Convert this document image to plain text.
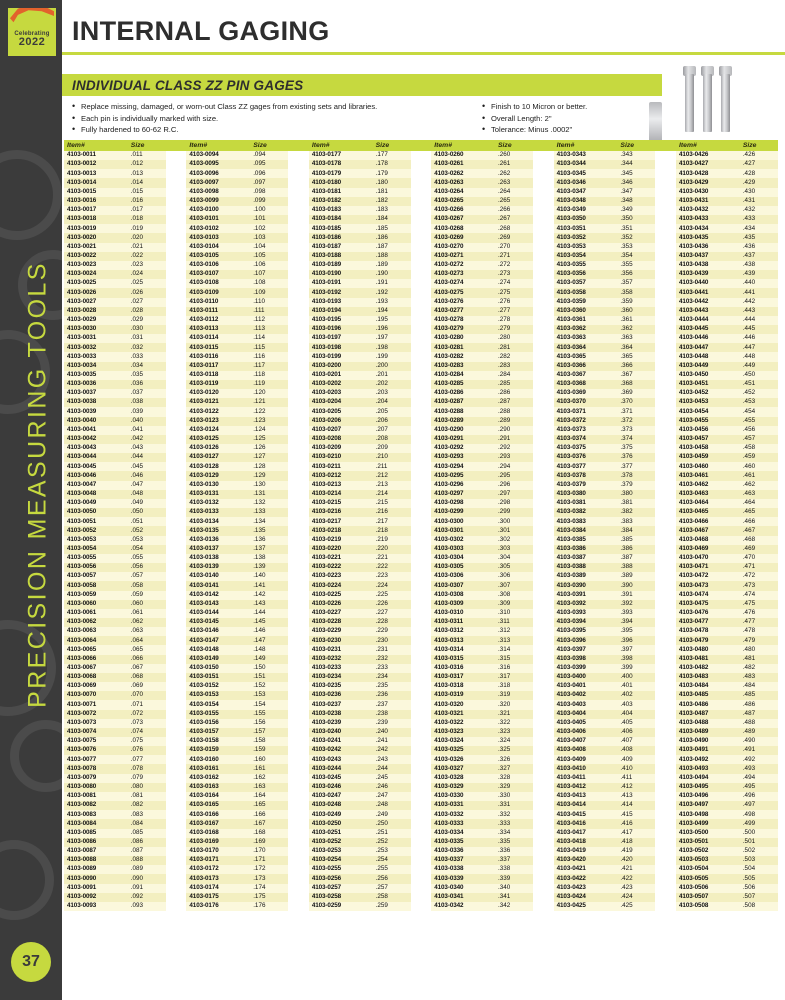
PRECISION MEASURING TOOLS
37
Celebrating
2022 INTERNAL GAGING
INDIVIDUAL CLASS ZZ PIN GAGES
• Replace missing, damaged, or worn-out Class ZZ gages from existing sets and libraries.
• Each pin is individually marked with size.
• Fully hardened to 60-62 R.C.
• Finish to 10 Micron or better.
• Overall Length: 2"
• Tolerance: Minus .0002"
Item#	Size		Item#	Size		Item#	Size		Item#	Size		Item#	Size		Item#	Size
4103-0011	.011		4103-0094	.094		4103-0177	.177		4103-0260	.260		4103-0343	.343		4103-0426	.426
4103-0012	.012		4103-0095	.095		4103-0178	.178		4103-0261	.261		4103-0344	.344		4103-0427	.427
4103-0013	.013		4103-0096	.096		4103-0179	.179		4103-0262	.262		4103-0345	.345		4103-0428	.428
4103-0014	.014		4103-0097	.097		4103-0180	.180		4103-0263	.263		4103-0346	.346		4103-0429	.429
4103-0015	.015		4103-0098	.098		4103-0181	.181		4103-0264	.264		4103-0347	.347		4103-0430	.430
4103-0016	.016		4103-0099	.099		4103-0182	.182		4103-0265	.265		4103-0348	.348		4103-0431	.431
4103-0017	.017		4103-0100	.100		4103-0183	.183		4103-0266	.266		4103-0349	.349		4103-0432	.432
4103-0018	.018		4103-0101	.101		4103-0184	.184		4103-0267	.267		4103-0350	.350		4103-0433	.433
4103-0019	.019		4103-0102	.102		4103-0185	.185		4103-0268	.268		4103-0351	.351		4103-0434	.434
4103-0020	.020		4103-0103	.103		4103-0186	.186		4103-0269	.269		4103-0352	.352		4103-0435	.435
4103-0021	.021		4103-0104	.104		4103-0187	.187		4103-0270	.270		4103-0353	.353		4103-0436	.436
4103-0022	.022		4103-0105	.105		4103-0188	.188		4103-0271	.271		4103-0354	.354		4103-0437	.437
4103-0023	.023		4103-0106	.106		4103-0189	.189		4103-0272	.272		4103-0355	.355		4103-0438	.438
4103-0024	.024		4103-0107	.107		4103-0190	.190		4103-0273	.273		4103-0356	.356		4103-0439	.439
4103-0025	.025		4103-0108	.108		4103-0191	.191		4103-0274	.274		4103-0357	.357		4103-0440	.440
4103-0026	.026		4103-0109	.109		4103-0192	.192		4103-0275	.275		4103-0358	.358		4103-0441	.441
4103-0027	.027		4103-0110	.110		4103-0193	.193		4103-0276	.276		4103-0359	.359		4103-0442	.442
4103-0028	.028		4103-0111	.111		4103-0194	.194		4103-0277	.277		4103-0360	.360		4103-0443	.443
4103-0029	.029		4103-0112	.112		4103-0195	.195		4103-0278	.278		4103-0361	.361		4103-0444	.444
4103-0030	.030		4103-0113	.113		4103-0196	.196		4103-0279	.279		4103-0362	.362		4103-0445	.445
4103-0031	.031		4103-0114	.114		4103-0197	.197		4103-0280	.280		4103-0363	.363		4103-0446	.446
4103-0032	.032		4103-0115	.115		4103-0198	.198		4103-0281	.281		4103-0364	.364		4103-0447	.447
4103-0033	.033		4103-0116	.116		4103-0199	.199		4103-0282	.282		4103-0365	.365		4103-0448	.448
4103-0034	.034		4103-0117	.117		4103-0200	.200		4103-0283	.283		4103-0366	.366		4103-0449	.449
4103-0035	.035		4103-0118	.118		4103-0201	.201		4103-0284	.284		4103-0367	.367		4103-0450	.450
4103-0036	.036		4103-0119	.119		4103-0202	.202		4103-0285	.285		4103-0368	.368		4103-0451	.451
4103-0037	.037		4103-0120	.120		4103-0203	.203		4103-0286	.286		4103-0369	.369		4103-0452	.452
4103-0038	.038		4103-0121	.121		4103-0204	.204		4103-0287	.287		4103-0370	.370		4103-0453	.453
4103-0039	.039		4103-0122	.122		4103-0205	.205		4103-0288	.288		4103-0371	.371		4103-0454	.454
4103-0040	.040		4103-0123	.123		4103-0206	.206		4103-0289	.289		4103-0372	.372		4103-0455	.455
4103-0041	.041		4103-0124	.124		4103-0207	.207		4103-0290	.290		4103-0373	.373		4103-0456	.456
4103-0042	.042		4103-0125	.125		4103-0208	.208		4103-0291	.291		4103-0374	.374		4103-0457	.457
4103-0043	.043		4103-0126	.126		4103-0209	.209		4103-0292	.292		4103-0375	.375		4103-0458	.458
4103-0044	.044		4103-0127	.127		4103-0210	.210		4103-0293	.293		4103-0376	.376		4103-0459	.459
4103-0045	.045		4103-0128	.128		4103-0211	.211		4103-0294	.294		4103-0377	.377		4103-0460	.460
4103-0046	.046		4103-0129	.129		4103-0212	.212		4103-0295	.295		4103-0378	.378		4103-0461	.461
4103-0047	.047		4103-0130	.130		4103-0213	.213		4103-0296	.296		4103-0379	.379		4103-0462	.462
4103-0048	.048		4103-0131	.131		4103-0214	.214		4103-0297	.297		4103-0380	.380		4103-0463	.463
4103-0049	.049		4103-0132	.132		4103-0215	.215		4103-0298	.298		4103-0381	.381		4103-0464	.464
4103-0050	.050		4103-0133	.133		4103-0216	.216		4103-0299	.299		4103-0382	.382		4103-0465	.465
4103-0051	.051		4103-0134	.134		4103-0217	.217		4103-0300	.300		4103-0383	.383		4103-0466	.466
4103-0052	.052		4103-0135	.135		4103-0218	.218		4103-0301	.301		4103-0384	.384		4103-0467	.467
4103-0053	.053		4103-0136	.136		4103-0219	.219		4103-0302	.302		4103-0385	.385		4103-0468	.468
4103-0054	.054		4103-0137	.137		4103-0220	.220		4103-0303	.303		4103-0386	.386		4103-0469	.469
4103-0055	.055		4103-0138	.138		4103-0221	.221		4103-0304	.304		4103-0387	.387		4103-0470	.470
4103-0056	.056		4103-0139	.139		4103-0222	.222		4103-0305	.305		4103-0388	.388		4103-0471	.471
4103-0057	.057		4103-0140	.140		4103-0223	.223		4103-0306	.306		4103-0389	.389		4103-0472	.472
4103-0058	.058		4103-0141	.141		4103-0224	.224		4103-0307	.307		4103-0390	.390		4103-0473	.473
4103-0059	.059		4103-0142	.142		4103-0225	.225		4103-0308	.308		4103-0391	.391		4103-0474	.474
4103-0060	.060		4103-0143	.143		4103-0226	.226		4103-0309	.309		4103-0392	.392		4103-0475	.475
4103-0061	.061		4103-0144	.144		4103-0227	.227		4103-0310	.310		4103-0393	.393		4103-0476	.476
4103-0062	.062		4103-0145	.145		4103-0228	.228		4103-0311	.311		4103-0394	.394		4103-0477	.477
4103-0063	.063		4103-0146	.146		4103-0229	.229		4103-0312	.312		4103-0395	.395		4103-0478	.478
4103-0064	.064		4103-0147	.147		4103-0230	.230		4103-0313	.313		4103-0396	.396		4103-0479	.479
4103-0065	.065		4103-0148	.148		4103-0231	.231		4103-0314	.314		4103-0397	.397		4103-0480	.480
4103-0066	.066		4103-0149	.149		4103-0232	.232		4103-0315	.315		4103-0398	.398		4103-0481	.481
4103-0067	.067		4103-0150	.150		4103-0233	.233		4103-0316	.316		4103-0399	.399		4103-0482	.482
4103-0068	.068		4103-0151	.151		4103-0234	.234		4103-0317	.317		4103-0400	.400		4103-0483	.483
4103-0069	.069		4103-0152	.152		4103-0235	.235		4103-0318	.318		4103-0401	.401		4103-0484	.484
4103-0070	.070		4103-0153	.153		4103-0236	.236		4103-0319	.319		4103-0402	.402		4103-0485	.485
4103-0071	.071		4103-0154	.154		4103-0237	.237		4103-0320	.320		4103-0403	.403		4103-0486	.486
4103-0072	.072		4103-0155	.155		4103-0238	.238		4103-0321	.321		4103-0404	.404		4103-0487	.487
4103-0073	.073		4103-0156	.156		4103-0239	.239		4103-0322	.322		4103-0405	.405		4103-0488	.488
4103-0074	.074		4103-0157	.157		4103-0240	.240		4103-0323	.323		4103-0406	.406		4103-0489	.489
4103-0075	.075		4103-0158	.158		4103-0241	.241		4103-0324	.324		4103-0407	.407		4103-0490	.490
4103-0076	.076		4103-0159	.159		4103-0242	.242		4103-0325	.325		4103-0408	.408		4103-0491	.491
4103-0077	.077		4103-0160	.160		4103-0243	.243		4103-0326	.326		4103-0409	.409		4103-0492	.492
4103-0078	.078		4103-0161	.161		4103-0244	.244		4103-0327	.327		4103-0410	.410		4103-0493	.493
4103-0079	.079		4103-0162	.162		4103-0245	.245		4103-0328	.328		4103-0411	.411		4103-0494	.494
4103-0080	.080		4103-0163	.163		4103-0246	.246		4103-0329	.329		4103-0412	.412		4103-0495	.495
4103-0081	.081		4103-0164	.164		4103-0247	.247		4103-0330	.330		4103-0413	.413		4103-0496	.496
4103-0082	.082		4103-0165	.165		4103-0248	.248		4103-0331	.331		4103-0414	.414		4103-0497	.497
4103-0083	.083		4103-0166	.166		4103-0249	.249		4103-0332	.332		4103-0415	.415		4103-0498	.498
4103-0084	.084		4103-0167	.167		4103-0250	.250		4103-0333	.333		4103-0416	.416		4103-0499	.499
4103-0085	.085		4103-0168	.168		4103-0251	.251		4103-0334	.334		4103-0417	.417		4103-0500	.500
4103-0086	.086		4103-0169	.169		4103-0252	.252		4103-0335	.335		4103-0418	.418		4103-0501	.501
4103-0087	.087		4103-0170	.170		4103-0253	.253		4103-0336	.336		4103-0419	.419		4103-0502	.502
4103-0088	.088		4103-0171	.171		4103-0254	.254		4103-0337	.337		4103-0420	.420		4103-0503	.503
4103-0089	.089		4103-0172	.172		4103-0255	.255		4103-0338	.338		4103-0421	.421		4103-0504	.504
4103-0090	.090		4103-0173	.173		4103-0256	.256		4103-0339	.339		4103-0422	.422		4103-0505	.505
4103-0091	.091		4103-0174	.174		4103-0257	.257		4103-0340	.340		4103-0423	.423		4103-0506	.506
4103-0092	.092		4103-0175	.175		4103-0258	.258		4103-0341	.341		4103-0424	.424		4103-0507	.507
4103-0093	.093		4103-0176	.176		4103-0259	.259		4103-0342	.342		4103-0425	.425		4103-0508	.508
